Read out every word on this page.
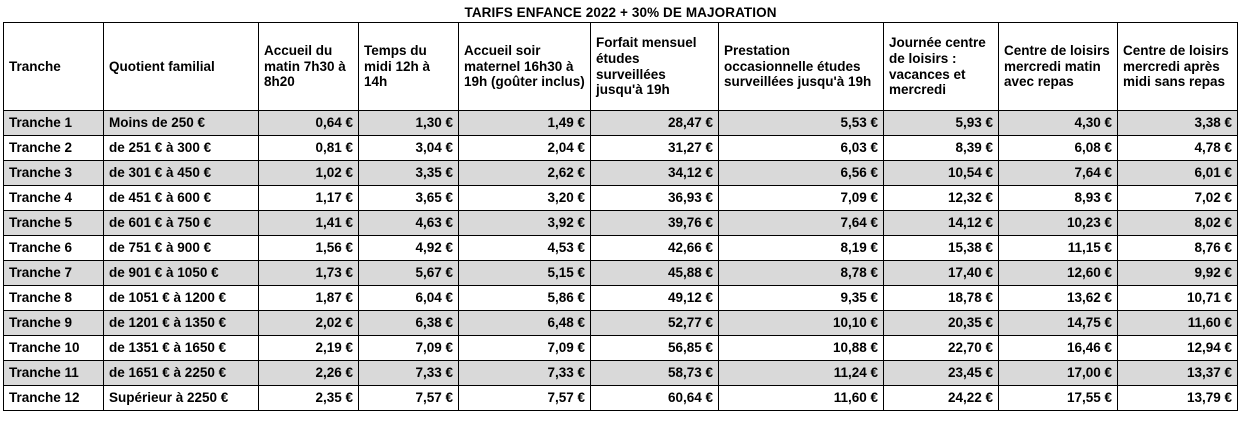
TARIFS ENFANCE 2022 + 30% DE MAJORATION									
Tranche	Quotient familial	Accueil du matin 7h30 à 8h20	Temps du midi 12h à 14h	Accueil soir maternel 16h30 à 19h (goûter inclus)	Forfait mensuel études surveillées jusqu'à 19h	Prestation occasionnelle études surveillées jusqu'à 19h	Journée centre de loisirs : vacances et mercredi	Centre de loisirs mercredi matin avec repas	Centre de loisirs mercredi après midi sans repas
Tranche 1	Moins de 250 €	0,64 €	1,30 €	1,49 €	28,47 €	5,53 €	5,93 €	4,30 €	3,38 €
Tranche 2	de 251 € à 300 €	0,81 €	3,04 €	2,04 €	31,27 €	6,03 €	8,39 €	6,08 €	4,78 €
Tranche 3	de 301 € à 450 €	1,02 €	3,35 €	2,62 €	34,12 €	6,56 €	10,54 €	7,64 €	6,01 €
Tranche 4	de 451 € à 600 €	1,17 €	3,65 €	3,20 €	36,93 €	7,09 €	12,32 €	8,93 €	7,02 €
Tranche 5	de 601 € à 750 €	1,41 €	4,63 €	3,92 €	39,76 €	7,64 €	14,12 €	10,23 €	8,02 €
Tranche 6	de 751 € à 900 €	1,56 €	4,92 €	4,53 €	42,66 €	8,19 €	15,38 €	11,15 €	8,76 €
Tranche 7	de 901 € à 1050 €	1,73 €	5,67 €	5,15 €	45,88 €	8,78 €	17,40 €	12,60 €	9,92 €
Tranche 8	de 1051 € à 1200 €	1,87 €	6,04 €	5,86 €	49,12 €	9,35 €	18,78 €	13,62 €	10,71 €
Tranche 9	de 1201 € à 1350 €	2,02 €	6,38 €	6,48 €	52,77 €	10,10 €	20,35 €	14,75 €	11,60 €
Tranche 10	de 1351 € à 1650 €	2,19 €	7,09 €	7,09 €	56,85 €	10,88 €	22,70 €	16,46 €	12,94 €
Tranche 11	de 1651 € à 2250 €	2,26 €	7,33 €	7,33 €	58,73 €	11,24 €	23,45 €	17,00 €	13,37 €
Tranche 12	Supérieur à 2250 €	2,35 €	7,57 €	7,57 €	60,64 €	11,60 €	24,22 €	17,55 €	13,79 €
